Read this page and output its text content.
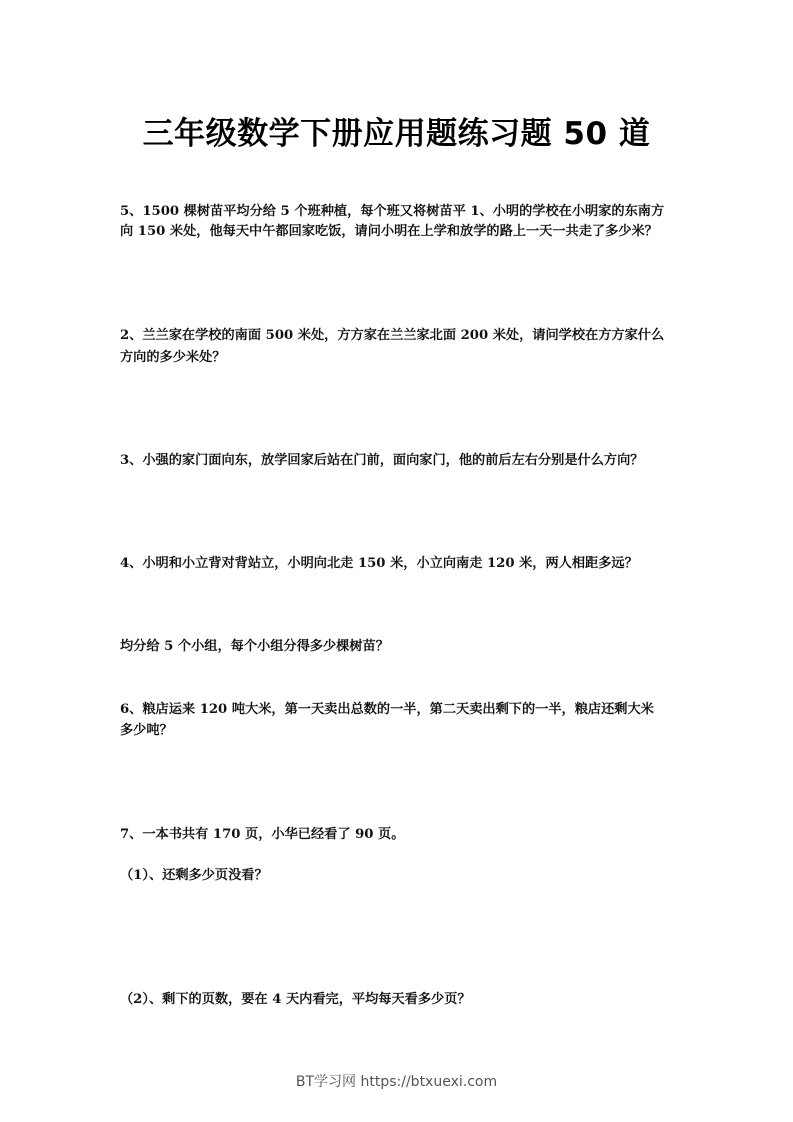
三年级数学下册应用题练习题 50 道
5、1500 棵树苗平均分给 5 个班种植，每个班又将树苗平 1、小明的学校在小明家的东南方
向 150 米处，他每天中午都回家吃饭，请问小明在上学和放学的路上一天一共走了多少米？
2、兰兰家在学校的南面 500 米处，方方家在兰兰家北面 200 米处，请问学校在方方家什么
方向的多少米处？
3、小强的家门面向东，放学回家后站在门前，面向家门，他的前后左右分别是什么方向？
4、小明和小立背对背站立，小明向北走 150 米，小立向南走 120 米，两人相距多远？
均分给 5 个小组，每个小组分得多少棵树苗？
6、粮店运来 120 吨大米，第一天卖出总数的一半，第二天卖出剩下的一半，粮店还剩大米
多少吨？
7、一本书共有 170 页，小华已经看了 90 页。
（1）、还剩多少页没看？
（2）、剩下的页数，要在 4 天内看完，平均每天看多少页？
BT学习网 https://btxuexi.com
